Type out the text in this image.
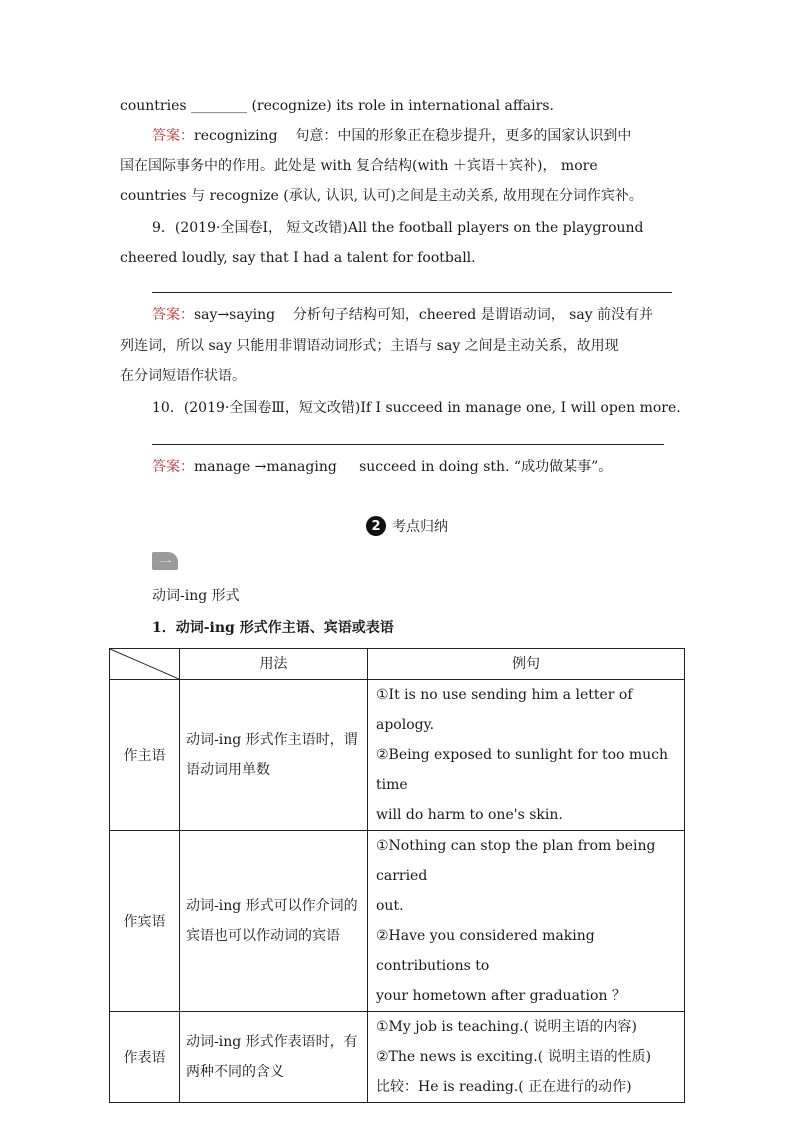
countries ________ (recognize) its role in international affairs.
答案：recognizing 句意：中国的形象正在稳步提升，更多的国家认识到中
国在国际事务中的作用。此处是 with 复合结构(with ＋宾语＋宾补)， more
countries 与 recognize (承认, 认识, 认可)之间是主动关系, 故用现在分词作宾补。
9．(2019·全国卷Ⅰ， 短文改错)All the football players on the playground
cheered loudly, say that I had a talent for football.
答案：say→saying 分析句子结构可知，cheered 是谓语动词， say 前没有并
列连词，所以 say 只能用非谓语动词形式；主语与 say 之间是主动关系，故用现
在分词短语作状语。
10．(2019·全国卷Ⅲ，短文改错)If I succeed in manage one, I will open more.
答案：manage →managing succeed in doing sth. “成功做某事”。
2 考点归纳
一
动词-ing 形式
1．动词-ing 形式作主语、宾语或表语
	用法	例句
作主语	动词-ing 形式作主语时，谓语动词用单数	①It is no use sending him a letter of apology.
②Being exposed to sunlight for too much time
will do harm to one's skin.

作宾语	动词-ing 形式可以作介词的宾语也可以作动词的宾语	①Nothing can stop the plan from being carried
out.
②Have you considered making contributions to
your hometown after graduation ？

作表语	动词-ing 形式作表语时，有两种不同的含义	①My job is teaching.( 说明主语的内容)
②The news is exciting.( 说明主语的性质)
比较：He is reading.( 正在进行的动作)
